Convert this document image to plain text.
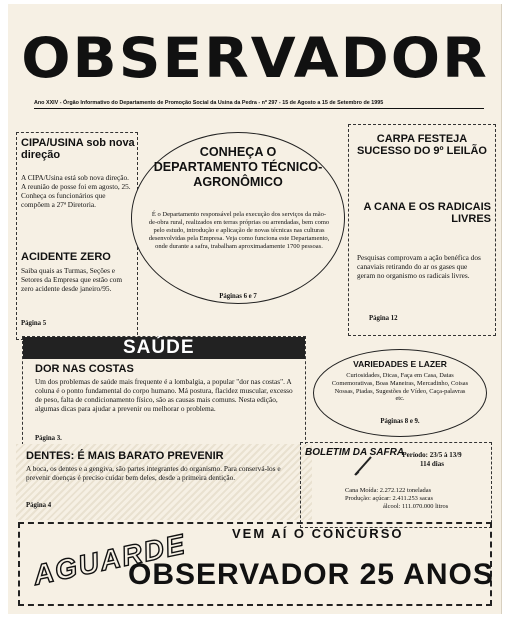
OBSERVADOR
Ano XXIV - Órgão Informativo do Departamento de Promoção Social da Usina da Pedra - nº 297 - 15 de Agosto a 15 de Setembro de 1995
CIPA/USINA sob nova direção
A CIPA/Usina está sob nova direção. A reunião de posse foi em agosto, 25. Conheça os funcionários que compõem a 27ª Diretoria.
ACIDENTE ZERO
Saiba quais as Turmas, Seções e Setores da Empresa que estão com zero acidente desde janeiro/95.
Página 5
CARPA FESTEJA SUCESSO DO 9º LEILÃO
A CANA E OS RADICAIS LIVRES
Pesquisas comprovam a ação benéfica dos canaviais retirando do ar os gases que geram no organismo os radicais livres.
Página 12
CONHEÇA O DEPARTAMENTO TÉCNICO-AGRONÔMICO
É o Departamento responsável pela execução dos serviços da mão-de-obra rural, realizados em terras próprias ou arrendadas, bem como pelo estudo, introdução e aplicação de novas técnicas nas culturas desenvolvidas pela Empresa. Veja como funciona este Departamento, onde durante a safra, trabalham aproximadamente 1700 pessoas.
Páginas 6 e 7
SAÚDE
DOR NAS COSTAS
Um dos problemas de saúde mais frequente é a lombalgia, a popular "dor nas costas". A coluna é o ponto fundamental do corpo humano. Má postura, flacidez muscular, excesso de peso, falta de condicionamento físico, são as causas mais comuns. Nesta edição, algumas dicas para ajudar a prevenir ou melhorar o problema.
Página 3.
DENTES: É MAIS BARATO PREVENIR
A boca, os dentes e a gengiva, são partes integrantes do organismo. Para conservá-los e prevenir doenças é preciso cuidar bem deles, desde a primeira dentição.
Página 4
VARIEDADES E LAZER
Curiosidades, Dicas, Faça em Casa, Datas Comemorativas, Boas Maneiras, Mercadinho, Coisas Nossas, Piadas, Sugestões de Vídeo, Caça-palavras etc.
Páginas 8 e 9.
BOLETIM DA SAFRA
Período: 23/5 à 13/9
114 dias
Cana Moída: 2.272.122 toneladas
Produção: açúcar: 2.411.253 sacas
álcool: 111.070.000 litros
AGUARDE	VEM AÍ O CONCURSO
OBSERVADOR 25 ANOS
